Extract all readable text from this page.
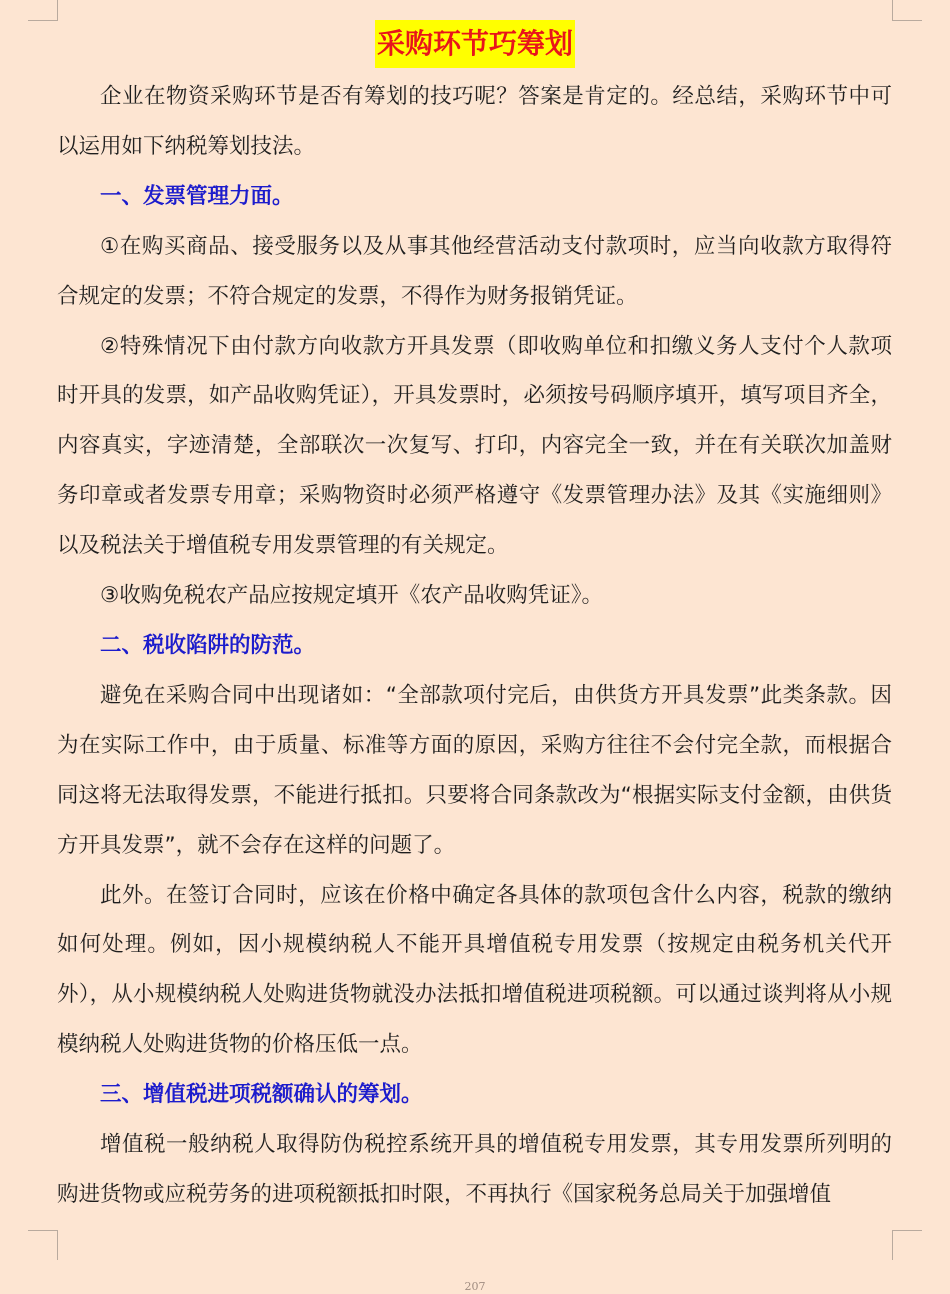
采购环节巧筹划

企业在物资采购环节是否有筹划的技巧呢？答案是肯定的。经总结，采购环节中可以运用如下纳税筹划技法。

一、发票管理力面。

①在购买商品、接受服务以及从事其他经营活动支付款项时，应当向收款方取得符合规定的发票；不符合规定的发票，不得作为财务报销凭证。

②特殊情况下由付款方向收款方开具发票（即收购单位和扣缴义务人支付个人款项时开具的发票，如产品收购凭证），开具发票时，必须按号码顺序填开，填写项目齐全，内容真实，字迹清楚，全部联次一次复写、打印，内容完全一致，并在有关联次加盖财务印章或者发票专用章；采购物资时必须严格遵守《发票管理办法》及其《实施细则》以及税法关于增值税专用发票管理的有关规定。

③收购免税农产品应按规定填开《农产品收购凭证》。

二、税收陷阱的防范。

避免在采购合同中出现诸如：“全部款项付完后，由供货方开具发票”此类条款。因为在实际工作中，由于质量、标准等方面的原因，采购方往往不会付完全款，而根据合同这将无法取得发票，不能进行抵扣。只要将合同条款改为“根据实际支付金额，由供货方开具发票”，就不会存在这样的问题了。

此外。在签订合同时，应该在价格中确定各具体的款项包含什么内容，税款的缴纳如何处理。例如，因小规模纳税人不能开具增值税专用发票（按规定由税务机关代开外），从小规模纳税人处购进货物就没办法抵扣增值税进项税额。可以通过谈判将从小规模纳税人处购进货物的价格压低一点。

三、增值税进项税额确认的筹划。

增值税一般纳税人取得防伪税控系统开具的增值税专用发票，其专用发票所列明的购进货物或应税劳务的进项税额抵扣时限，不再执行《国家税务总局关于加强增值

207
